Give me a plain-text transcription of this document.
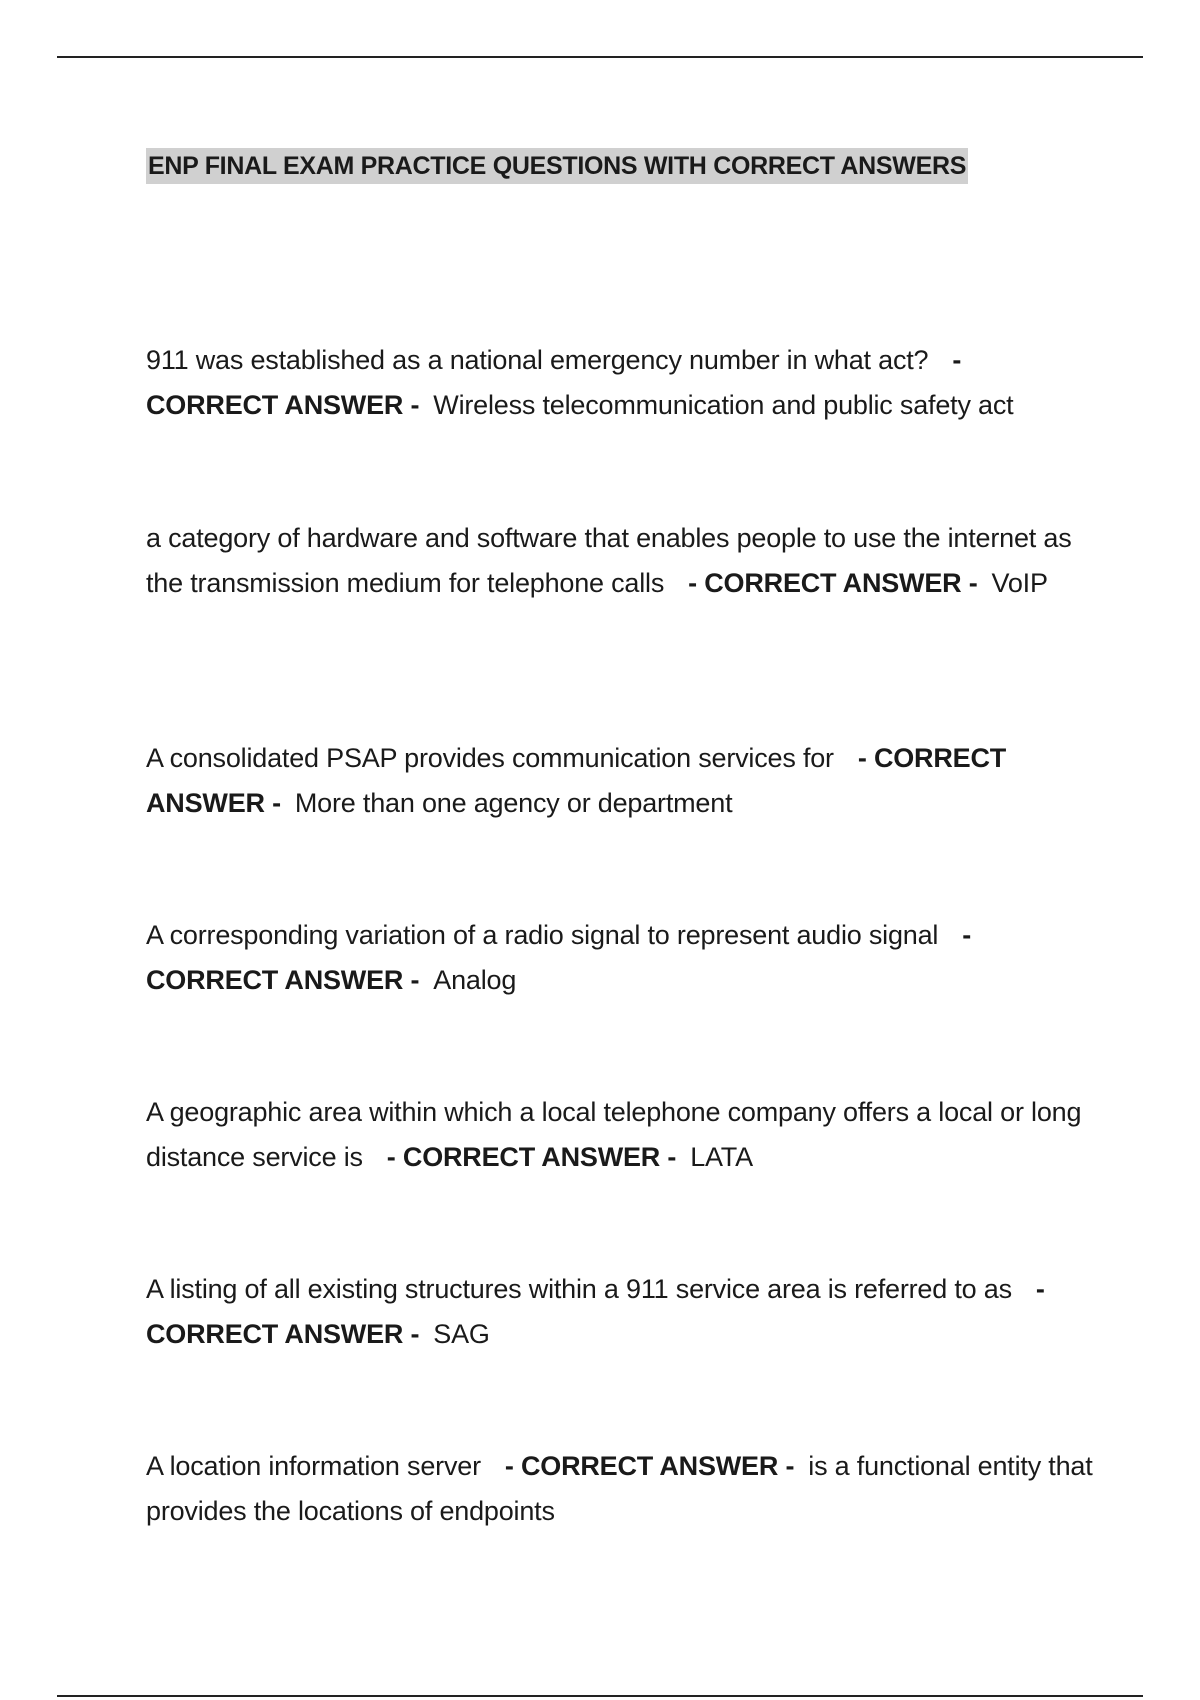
ENP FINAL EXAM PRACTICE QUESTIONS WITH CORRECT ANSWERS
911 was established as a national emergency number in what act? - CORRECT ANSWER - Wireless telecommunication and public safety act
a category of hardware and software that enables people to use the internet as the transmission medium for telephone calls - CORRECT ANSWER - VoIP
A consolidated PSAP provides communication services for - CORRECT ANSWER - More than one agency or department
A corresponding variation of a radio signal to represent audio signal - CORRECT ANSWER - Analog
A geographic area within which a local telephone company offers a local or long distance service is - CORRECT ANSWER - LATA
A listing of all existing structures within a 911 service area is referred to as - CORRECT ANSWER - SAG
A location information server - CORRECT ANSWER - is a functional entity that provides the locations of endpoints
